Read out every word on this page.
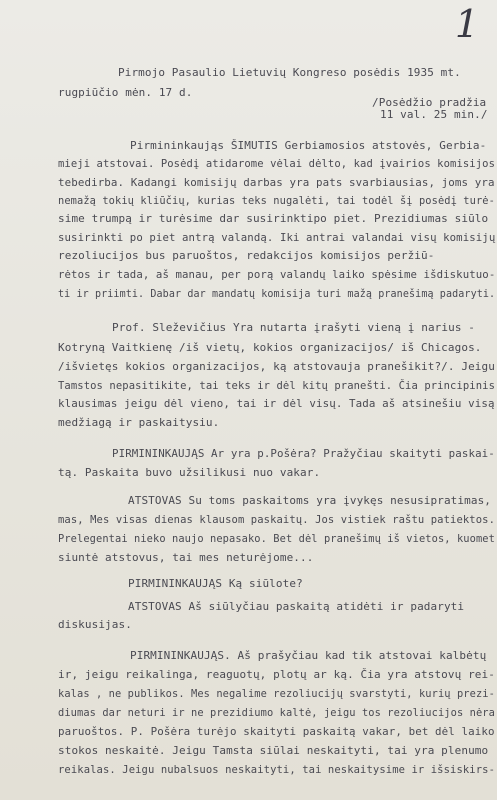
1
Pirmojo Pasaulio Lietuvių Kongreso posėdis 1935 mt.
rugpiūčio mėn. 17 d.
/Posėdžio pradžia
11 val. 25 min./
Pirmininkaująs ŠIMUTIS Gerbiamosios atstovės, Gerbia-
mieji atstovai. Posėdį atidarome vėlai dėlto, kad įvairios komisijos
tebedirba. Kadangi komisijų darbas yra pats svarbiausias, joms yra
nemažą tokių kliūčių, kurias teks nugalėti, tai todėl šį posėdį turė-
sime trumpą ir turėsime dar susirinktipo piet. Prezidiumas siūlo
susirinkti po piet antrą valandą. Iki antrai valandai visų komisijų
rezoliucijos bus paruoštos, redakcijos komisijos peržiū-
rėtos ir tada, aš manau, per porą valandų laiko spėsime išdiskutuo-
ti ir priimti. Dabar dar mandatų komisija turi mažą pranešimą padaryti.
Prof. Sleževičius Yra nutarta įrašyti vieną į narius -
Kotryną Vaitkienę /iš vietų, kokios organizacijos/ iš Chicagos.
/išvietęs kokios organizacijos, ką atstovauja pranešikit?/. Jeigu
Tamstos nepasitikite, tai teks ir dėl kitų pranešti. Čia principinis
klausimas jeigu dėl vieno, tai ir dėl visų. Tada aš atsinešiu visą
medžiagą ir paskaitysiu.
PIRMININKAUJĄS Ar yra p.Pošėra? Pražyčiau skaityti paskai-
tą. Paskaita buvo užsilikusi nuo vakar.
ATSTOVAS Su toms paskaitoms yra įvykęs nesusipratimas,
mas, Mes visas dienas klausom paskaitų. Jos vistiek raštu patiektos.
Prelegentai nieko naujo nepasako. Bet dėl pranešimų iš vietos, kuomet
siuntė atstovus, tai mes neturėjome...
PIRMININKAUJĄS Ką siūlote?
ATSTOVAS Aš siūlyčiau paskaitą atidėti ir padaryti
diskusijas.
PIRMININKAUJĄS. Aš prašyčiau kad tik atstovai kalbėtų
ir, jeigu reikalinga, reaguotų, plotų ar ką. Čia yra atstovų rei-
kalas , ne publikos. Mes negalime rezoliucijų svarstyti, kurių prezi-
diumas dar neturi ir ne prezidiumo kaltė, jeigu tos rezoliucijos nėra
paruoštos. P. Pošėra turėjo skaityti paskaitą vakar, bet dėl laiko
stokos neskaitė. Jeigu Tamsta siūlai neskaityti, tai yra plenumo
reikalas. Jeigu nubalsuos neskaityti, tai neskaitysime ir išsiskirs-
